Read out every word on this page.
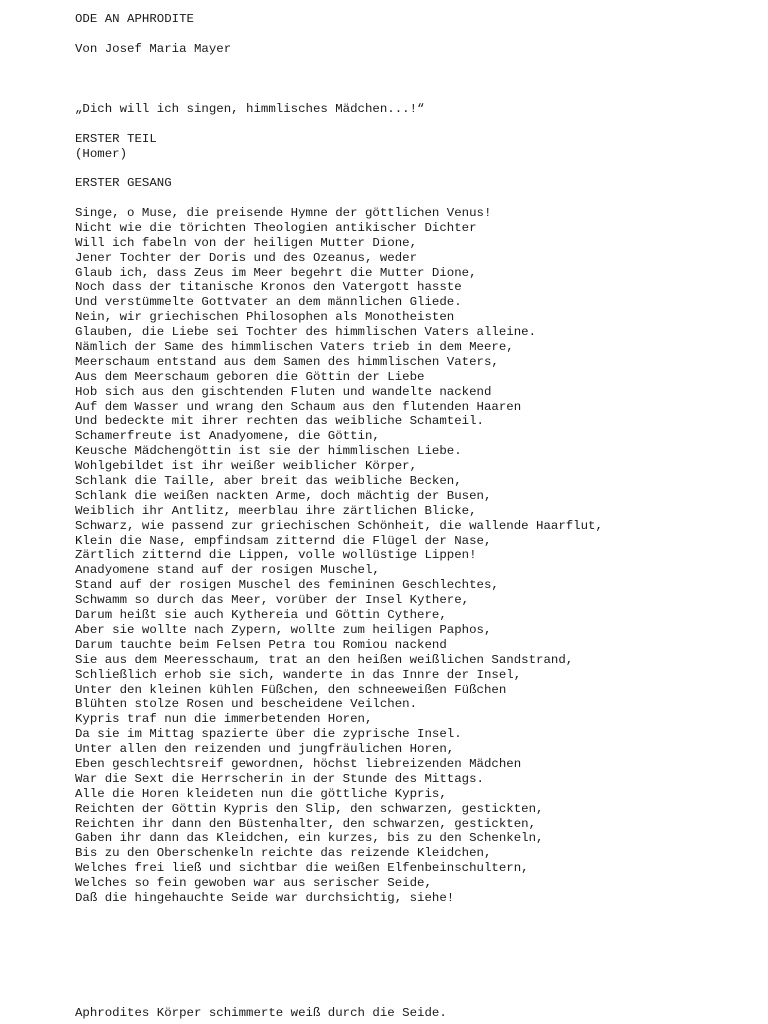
ODE AN APHRODITE

Von Josef Maria Mayer

„Dich will ich singen, himmlisches Mädchen...!“

(Homer)

ERSTER TEIL

ERSTER GESANG

Singe, o Muse, die preisende Hymne der göttlichen Venus!
Nicht wie die törichten Theologien antikischer Dichter
Will ich fabeln von der heiligen Mutter Dione,
Jener Tochter der Doris und des Ozeanus, weder
Glaub ich, dass Zeus im Meer begehrt die Mutter Dione,
Noch dass der titanische Kronos den Vatergott hasste
Und verstümmelte Gottvater an dem männlichen Gliede.
Nein, wir griechischen Philosophen als Monotheisten
Glauben, die Liebe sei Tochter des himmlischen Vaters alleine.
Nämlich der Same des himmlischen Vaters trieb in dem Meere,
Meerschaum entstand aus dem Samen des himmlischen Vaters,
Aus dem Meerschaum geboren die Göttin der Liebe
Hob sich aus den gischtenden Fluten und wandelte nackend
Auf dem Wasser und wrang den Schaum aus den flutenden Haaren
Und bedeckte mit ihrer rechten das weibliche Schamteil.
Schamerfreute ist Anadyomene, die Göttin,
Keusche Mädchengöttin ist sie der himmlischen Liebe.
Wohlgebildet ist ihr weißer weiblicher Körper,
Schlank die Taille, aber breit das weibliche Becken,
Schlank die weißen nackten Arme, doch mächtig der Busen,
Weiblich ihr Antlitz, meerblau ihre zärtlichen Blicke,
Schwarz, wie passend zur griechischen Schönheit, die wallende Haarflut,
Klein die Nase, empfindsam zitternd die Flügel der Nase,
Zärtlich zitternd die Lippen, volle wollüstige Lippen!
Anadyomene stand auf der rosigen Muschel,
Stand auf der rosigen Muschel des femininen Geschlechtes,
Schwamm so durch das Meer, vorüber der Insel Kythere,
Darum heißt sie auch Kythereia und Göttin Cythere,
Aber sie wollte nach Zypern, wollte zum heiligen Paphos,
Darum tauchte beim Felsen Petra tou Romiou nackend
Sie aus dem Meeresschaum, trat an den heißen weißlichen Sandstrand,
Schließlich erhob sie sich, wanderte in das Innre der Insel,
Unter den kleinen kühlen Füßchen, den schneeweißen Füßchen
Blühten stolze Rosen und bescheidene Veilchen.
Kypris traf nun die immerbetenden Horen,
Da sie im Mittag spazierte über die zyprische Insel.
Unter allen den reizenden und jungfräulichen Horen,
Eben geschlechtsreif gewordnen, höchst liebreizenden Mädchen
War die Sext die Herrscherin in der Stunde des Mittags.
Alle die Horen kleideten nun die göttliche Kypris,
Reichten der Göttin Kypris den Slip, den schwarzen, gestickten,
Reichten ihr dann den Büstenhalter, den schwarzen, gestickten,
Gaben ihr dann das Kleidchen, ein kurzes, bis zu den Schenkeln,
Bis zu den Oberschenkeln reichte das reizende Kleidchen,
Welches frei ließ und sichtbar die weißen Elfenbeinschultern,
Welches so fein gewoben war aus serischer Seide,
Daß die hingehauchte Seide war durchsichtig, siehe!

Aphrodites Körper schimmerte weiß durch die Seide.
